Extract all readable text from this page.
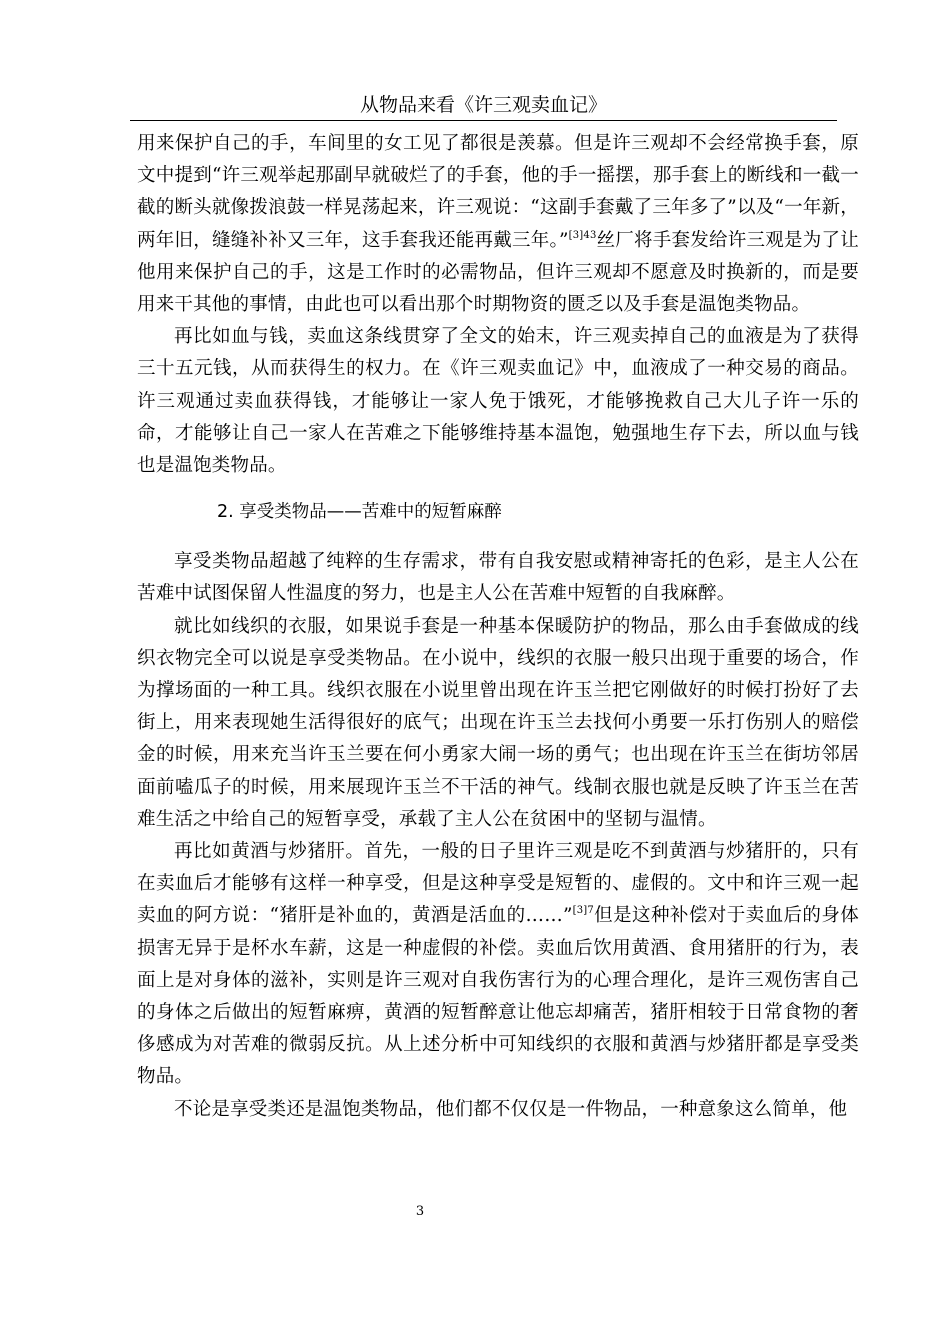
从物品来看《许三观卖血记》

用来保护自己的手，车间里的女工见了都很是羡慕。但是许三观却不会经常换手套，原文中提到“许三观举起那副早就破烂了的手套，他的手一摇摆，那手套上的断线和一截一截的断头就像拨浪鼓一样晃荡起来，许三观说：“这副手套戴了三年多了”以及“一年新，两年旧，缝缝补补又三年，这手套我还能再戴三年。”$^{[3]43}$丝厂将手套发给许三观是为了让他用来保护自己的手，这是工作时的必需物品，但许三观却不愿意及时换新的，而是要用来干其他的事情，由此也可以看出那个时期物资的匮乏以及手套是温饱类物品。

再比如血与钱，卖血这条线贯穿了全文的始末，许三观卖掉自己的血液是为了获得三十五元钱，从而获得生的权力。在《许三观卖血记》中，血液成了一种交易的商品。许三观通过卖血获得钱，才能够让一家人免于饿死，才能够挽救自己大儿子许一乐的命，才能够让自己一家人在苦难之下能够维持基本温饱，勉强地生存下去，所以血与钱也是温饱类物品。

2. 享受类物品——苦难中的短暂麻醉

享受类物品超越了纯粹的生存需求，带有自我安慰或精神寄托的色彩，是主人公在苦难中试图保留人性温度的努力，也是主人公在苦难中短暂的自我麻醉。

就比如线织的衣服，如果说手套是一种基本保暖防护的物品，那么由手套做成的线织衣物完全可以说是享受类物品。在小说中，线织的衣服一般只出现于重要的场合，作为撑场面的一种工具。线织衣服在小说里曾出现在许玉兰把它刚做好的时候打扮好了去街上，用来表现她生活得很好的底气；出现在许玉兰去找何小勇要一乐打伤别人的赔偿金的时候，用来充当许玉兰要在何小勇家大闹一场的勇气；也出现在许玉兰在街坊邻居面前嗑瓜子的时候，用来展现许玉兰不干活的神气。线制衣服也就是反映了许玉兰在苦难生活之中给自己的短暂享受，承载了主人公在贫困中的坚韧与温情。

再比如黄酒与炒猪肝。首先，一般的日子里许三观是吃不到黄酒与炒猪肝的，只有在卖血后才能够有这样一种享受，但是这种享受是短暂的、虚假的。文中和许三观一起卖血的阿方说：“猪肝是补血的，黄酒是活血的……”$^{[3]7}$但是这种补偿对于卖血后的身体损害无异于是杯水车薪，这是一种虚假的补偿。卖血后饮用黄酒、食用猪肝的行为，表面上是对身体的滋补，实则是许三观对自我伤害行为的心理合理化，是许三观伤害自己的身体之后做出的短暂麻痹，黄酒的短暂醉意让他忘却痛苦，猪肝相较于日常食物的奢侈感成为对苦难的微弱反抗。从上述分析中可知线织的衣服和黄酒与炒猪肝都是享受类物品。

不论是享受类还是温饱类物品，他们都不仅仅是一件物品，一种意象这么简单，他

3
